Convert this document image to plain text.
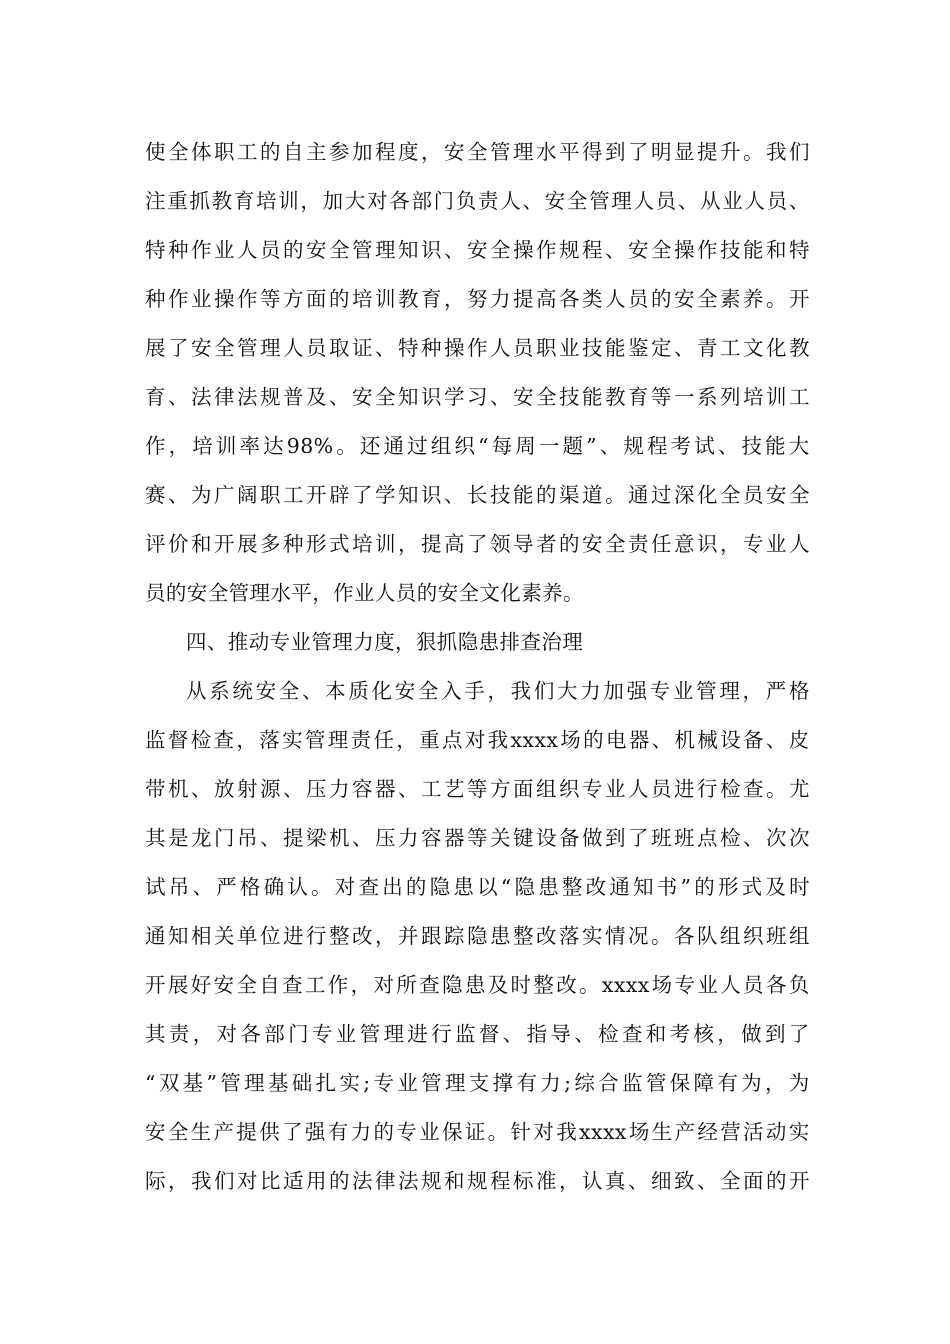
使 全 体 职 工 的 自 主 参 加 程 度 ， 安 全 管 理 水 平 得 到 了 明 显 提 升 。 我 们
注 重 抓 教 育 培 训 ， 加 大 对 各 部 门 负 责 人 、 安 全 管 理 人 员 、 从 业 人 员 、
特 种 作 业 人 员 的 安 全 管 理 知 识 、 安 全 操 作 规 程 、 安 全 操 作 技 能 和 特
种 作 业 操 作 等 方 面 的 培 训 教 育 ， 努 力 提 高 各 类 人 员 的 安 全 素 养 。 开
展 了 安 全 管 理 人 员 取 证 、 特 种 操 作 人 员 职 业 技 能 鉴 定 、 青 工 文 化 教
育 、 法 律 法 规 普 及 、 安 全 知 识 学 习 、 安 全 技 能 教 育 等 一 系 列 培 训 工
作 ， 培 训 率 达 98% 。 还 通 过 组 织 “ 每 周 一 题 ” 、 规 程 考 试 、 技 能 大
赛 、 为 广 阔 职 工 开 辟 了 学 知 识 、 长 技 能 的 渠 道 。 通 过 深 化 全 员 安 全
评 价 和 开 展 多 种 形 式 培 训 ， 提 高 了 领 导 者 的 安 全 责 任 意 识 ， 专 业 人
员的安全管理水平，作业人员的安全文化素养。
四、推动专业管理力度，狠抓隐患排查治理
从 系 统 安 全 、 本 质 化 安 全 入 手 ， 我 们 大 力 加 强 专 业 管 理 ， 严 格
监 督 检 查 ， 落 实 管 理 责 任 ， 重 点 对 我 xxxx 场 的 电 器 、 机 械 设 备 、 皮
带 机 、 放 射 源 、 压 力 容 器 、 工 艺 等 方 面 组 织 专 业 人 员 进 行 检 查 。 尤
其 是 龙 门 吊 、 提 梁 机 、 压 力 容 器 等 关 键 设 备 做 到 了 班 班 点 检 、 次 次
试 吊 、 严 格 确 认 。 对 查 出 的 隐 患 以 “ 隐 患 整 改 通 知 书 ” 的 形 式 及 时
通 知 相 关 单 位 进 行 整 改 ， 并 跟 踪 隐 患 整 改 落 实 情 况 。 各 队 组 织 班 组
开 展 好 安 全 自 查 工 作 ， 对 所 查 隐 患 及 时 整 改 。 xxxx 场 专 业 人 员 各 负
其 责 ， 对 各 部 门 专 业 管 理 进 行 监 督 、 指 导 、 检 查 和 考 核 ， 做 到 了
“ 双 基 ” 管 理 基 础 扎 实 ; 专 业 管 理 支 撑 有 力 ; 综 合 监 管 保 障 有 为 ， 为
安 全 生 产 提 供 了 强 有 力 的 专 业 保 证 。 针 对 我 xxxx 场 生 产 经 营 活 动 实
际 ， 我 们 对 比 适 用 的 法 律 法 规 和 规 程 标 准 ， 认 真 、 细 致 、 全 面 的 开
